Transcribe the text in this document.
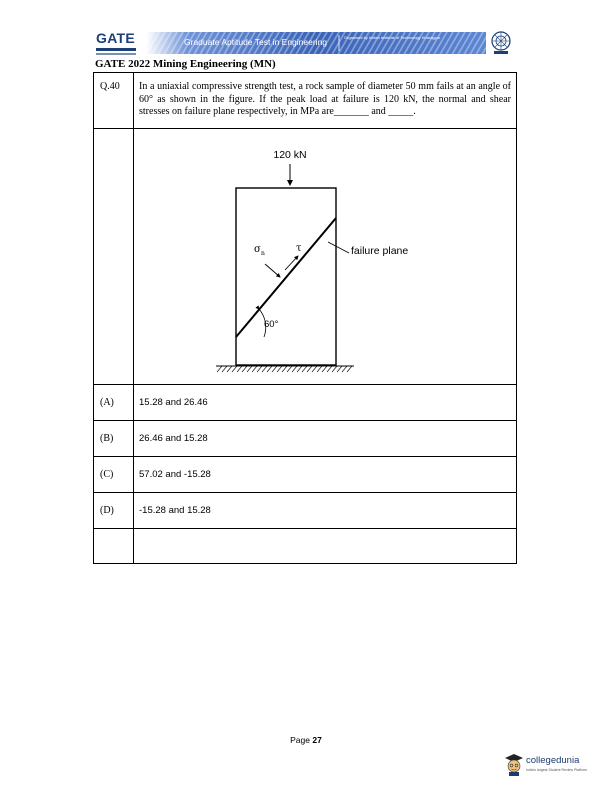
GATE	Graduate Aptitude Test in Engineering	Organised by Indian Institute of Technology Kharagpur
GATE 2022 Mining Engineering (MN)
Q.40 In a uniaxial compressive strength test, a rock sample of diameter 50 mm fails at an angle of 60° as shown in the figure. If the peak load at failure is 120 kN, the normal and shear stresses on failure plane respectively, in MPa are_______ and _____.
(A)	15.28 and 26.46
(B)	26.46 and 15.28
(C)	57.02 and -15.28
(D)	-15.28 and 15.28
120 kN
failure plane
σ n	τ
60°
Page 27
collegedunia
India's largest Student Review Platform
